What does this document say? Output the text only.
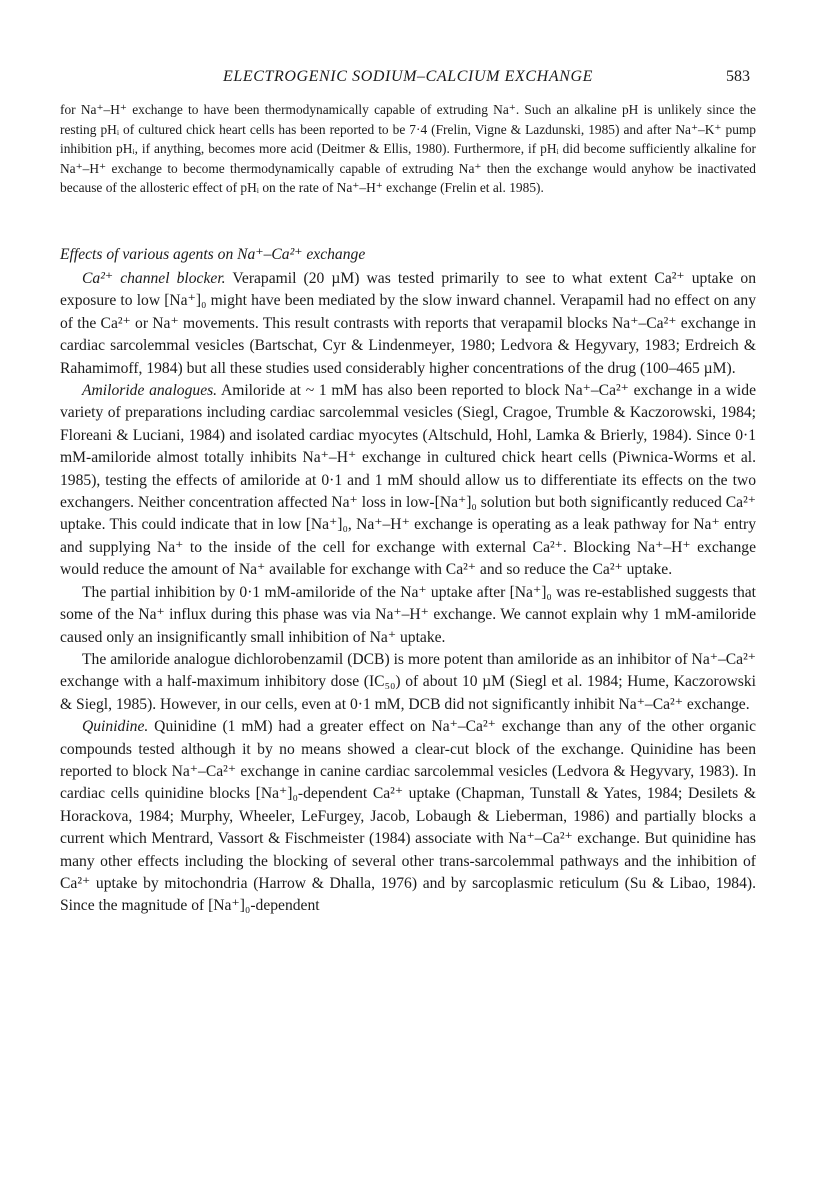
ELECTROGENIC SODIUM–CALCIUM EXCHANGE	583
for Na⁺–H⁺ exchange to have been thermodynamically capable of extruding Na⁺. Such an alkaline pH is unlikely since the resting pHᵢ of cultured chick heart cells has been reported to be 7·4 (Frelin, Vigne & Lazdunski, 1985) and after Na⁺–K⁺ pump inhibition pHᵢ, if anything, becomes more acid (Deitmer & Ellis, 1980). Furthermore, if pHᵢ did become sufficiently alkaline for Na⁺–H⁺ exchange to become thermodynamically capable of extruding Na⁺ then the exchange would anyhow be inactivated because of the allosteric effect of pHᵢ on the rate of Na⁺–H⁺ exchange (Frelin et al. 1985).
Effects of various agents on Na⁺–Ca²⁺ exchange

Ca²⁺ channel blocker. Verapamil (20 µM) was tested primarily to see to what extent Ca²⁺ uptake on exposure to low [Na⁺]₀ might have been mediated by the slow inward channel. Verapamil had no effect on any of the Ca²⁺ or Na⁺ movements. This result contrasts with reports that verapamil blocks Na⁺–Ca²⁺ exchange in cardiac sarcolemmal vesicles (Bartschat, Cyr & Lindenmeyer, 1980; Ledvora & Hegyvary, 1983; Erdreich & Rahamimoff, 1984) but all these studies used considerably higher concentrations of the drug (100–465 µM).

Amiloride analogues. Amiloride at ~ 1 mM has also been reported to block Na⁺–Ca²⁺ exchange in a wide variety of preparations including cardiac sarcolemmal vesicles (Siegl, Cragoe, Trumble & Kaczorowski, 1984; Floreani & Luciani, 1984) and isolated cardiac myocytes (Altschuld, Hohl, Lamka & Brierly, 1984). Since 0·1 mM-amiloride almost totally inhibits Na⁺–H⁺ exchange in cultured chick heart cells (Piwnica-Worms et al. 1985), testing the effects of amiloride at 0·1 and 1 mM should allow us to differentiate its effects on the two exchangers. Neither concentration affected Na⁺ loss in low-[Na⁺]₀ solution but both significantly reduced Ca²⁺ uptake. This could indicate that in low [Na⁺]₀, Na⁺–H⁺ exchange is operating as a leak pathway for Na⁺ entry and supplying Na⁺ to the inside of the cell for exchange with external Ca²⁺. Blocking Na⁺–H⁺ exchange would reduce the amount of Na⁺ available for exchange with Ca²⁺ and so reduce the Ca²⁺ uptake.

The partial inhibition by 0·1 mM-amiloride of the Na⁺ uptake after [Na⁺]₀ was re-established suggests that some of the Na⁺ influx during this phase was via Na⁺–H⁺ exchange. We cannot explain why 1 mM-amiloride caused only an insignificantly small inhibition of Na⁺ uptake.

The amiloride analogue dichlorobenzamil (DCB) is more potent than amiloride as an inhibitor of Na⁺–Ca²⁺ exchange with a half-maximum inhibitory dose (IC₅₀) of about 10 µM (Siegl et al. 1984; Hume, Kaczorowski & Siegl, 1985). However, in our cells, even at 0·1 mM, DCB did not significantly inhibit Na⁺–Ca²⁺ exchange.

Quinidine. Quinidine (1 mM) had a greater effect on Na⁺–Ca²⁺ exchange than any of the other organic compounds tested although it by no means showed a clear-cut block of the exchange. Quinidine has been reported to block Na⁺–Ca²⁺ exchange in canine cardiac sarcolemmal vesicles (Ledvora & Hegyvary, 1983). In cardiac cells quinidine blocks [Na⁺]₀-dependent Ca²⁺ uptake (Chapman, Tunstall & Yates, 1984; Desilets & Horackova, 1984; Murphy, Wheeler, LeFurgey, Jacob, Lobaugh & Lieberman, 1986) and partially blocks a current which Mentrard, Vassort & Fischmeister (1984) associate with Na⁺–Ca²⁺ exchange. But quinidine has many other effects including the blocking of several other trans-sarcolemmal pathways and the inhibition of Ca²⁺ uptake by mitochondria (Harrow & Dhalla, 1976) and by sarcoplasmic reticulum (Su & Libao, 1984). Since the magnitude of [Na⁺]₀-dependent
